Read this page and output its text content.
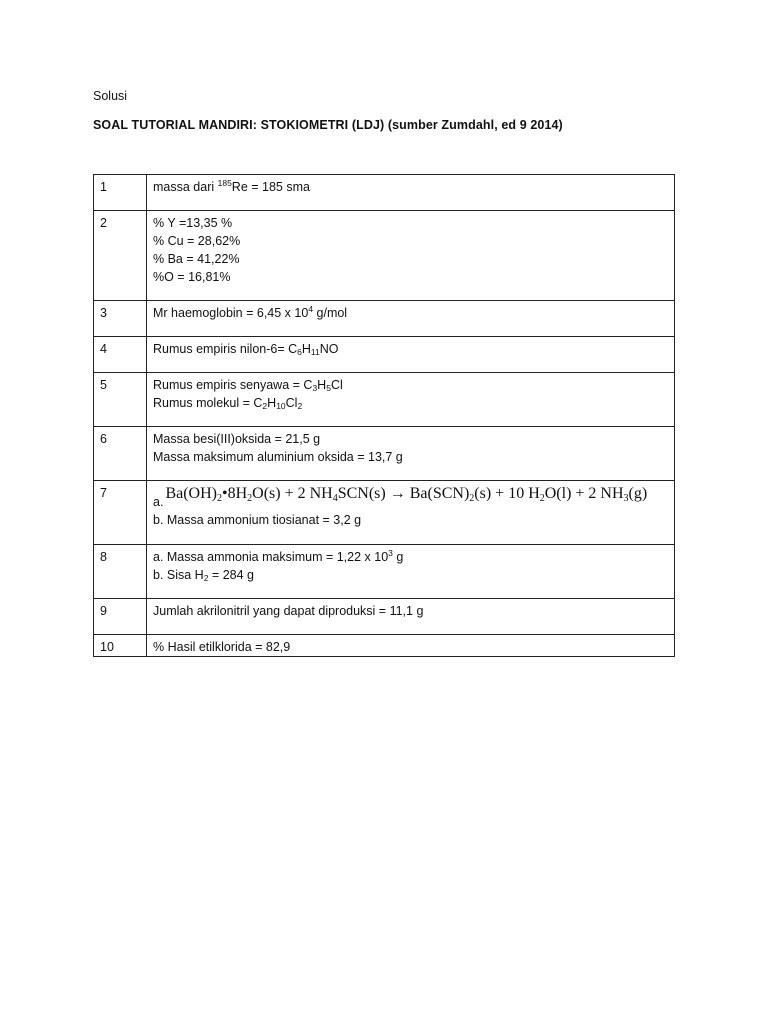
Solusi
SOAL TUTORIAL MANDIRI: STOKIOMETRI (LDJ) (sumber Zumdahl, ed 9 2014)
1	massa dari $^{185}$Re = 185 sma

2	% Y =13,35 %
% Cu = 28,62%
% Ba = 41,22%
%O = 16,81%

3	Mr haemoglobin = 6,45 x $10^4$ g/mol

4	Rumus empiris nilon-6= $C_6H_{11}NO$

5	Rumus empiris senyawa = $C_3H_5Cl$
Rumus molekul = $C_2H_{10}Cl_2$

6	Massa besi(III)oksida = 21,5 g
Massa maksimum aluminium oksida = 13,7 g

7	a. $Ba(OH)_2•8H_2O(s) + 2$ $NH_4SCN(s) \to Ba(SCN)_2(s) + 10$ $H_2O(l) + 2$ $NH_3(g)$
b. Massa ammonium tiosianat = 3,2 g

8	a. Massa ammonia maksimum = 1,22 x $10^3$ g
b. Sisa $H_2 = 284$ g

9	Jumlah akrilonitril yang dapat diproduksi = 11,1 g

10	% Hasil etilklorida = 82,9
